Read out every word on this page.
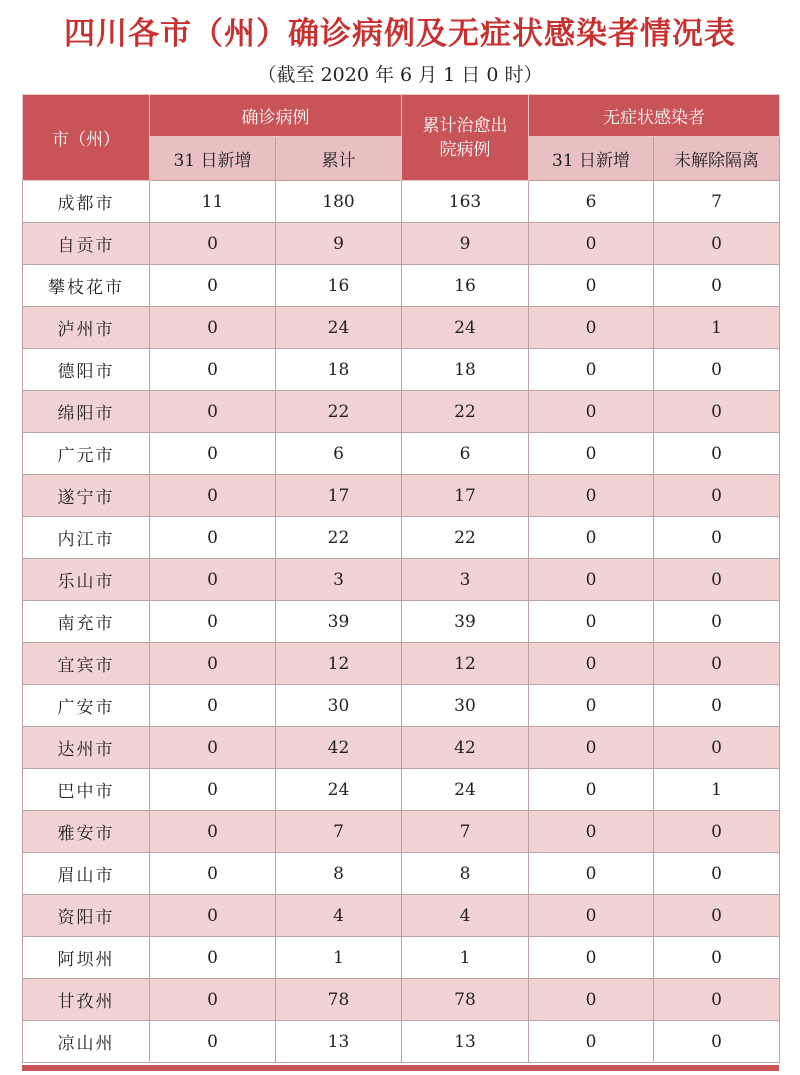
四川各市（州）确诊病例及无症状感染者情况表
（截至 2020 年 6 月 1 日 0 时）
市（州）	确诊病例		累计治愈出院病例	无症状感染者	
	31 日新增	累计		31 日新增	未解除隔离
成都市	11	180	163	6	7
自贡市	0	9	9	0	0
攀枝花市	0	16	16	0	0
泸州市	0	24	24	0	1
德阳市	0	18	18	0	0
绵阳市	0	22	22	0	0
广元市	0	6	6	0	0
遂宁市	0	17	17	0	0
内江市	0	22	22	0	0
乐山市	0	3	3	0	0
南充市	0	39	39	0	0
宜宾市	0	12	12	0	0
广安市	0	30	30	0	0
达州市	0	42	42	0	0
巴中市	0	24	24	0	1
雅安市	0	7	7	0	0
眉山市	0	8	8	0	0
资阳市	0	4	4	0	0
阿坝州	0	1	1	0	0
甘孜州	0	78	78	0	0
凉山州	0	13	13	0	0
